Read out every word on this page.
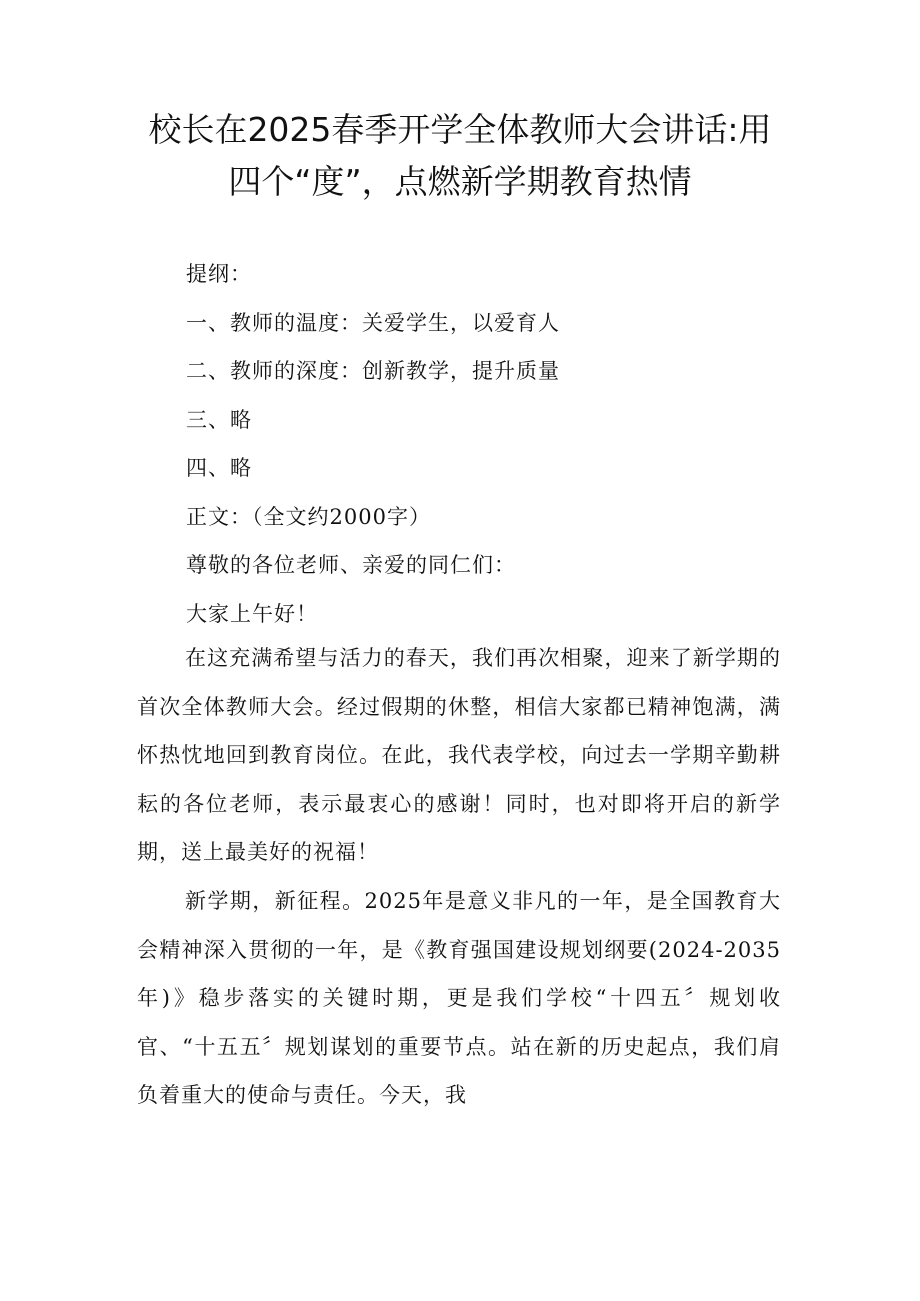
校长在2025春季开学全体教师大会讲话:用
四个“度”，点燃新学期教育热情

提纲：

一、教师的温度：关爱学生，以爱育人
二、教师的深度：创新教学，提升质量
三、略
四、略

正文：（全文约2000字）

尊敬的各位老师、亲爱的同仁们：

大家上午好！

在这充满希望与活力的春天，我们再次相聚，迎来了新学期的首次全体教师大会。经过假期的休整，相信大家都已精神饱满，满怀热忱地回到教育岗位。在此，我代表学校，向过去一学期辛勤耕耘的各位老师，表示最衷心的感谢！同时，也对即将开启的新学期，送上最美好的祝福！

新学期，新征程。2025年是意义非凡的一年，是全国教育大会精神深入贯彻的一年，是《教育强国建设规划纲要(2024-2035年)》稳步落实的关键时期，更是我们学校“十四五〞规划收官、“十五五〞规划谋划的重要节点。站在新的历史起点，我们肩负着重大的使命与责任。今天，我
